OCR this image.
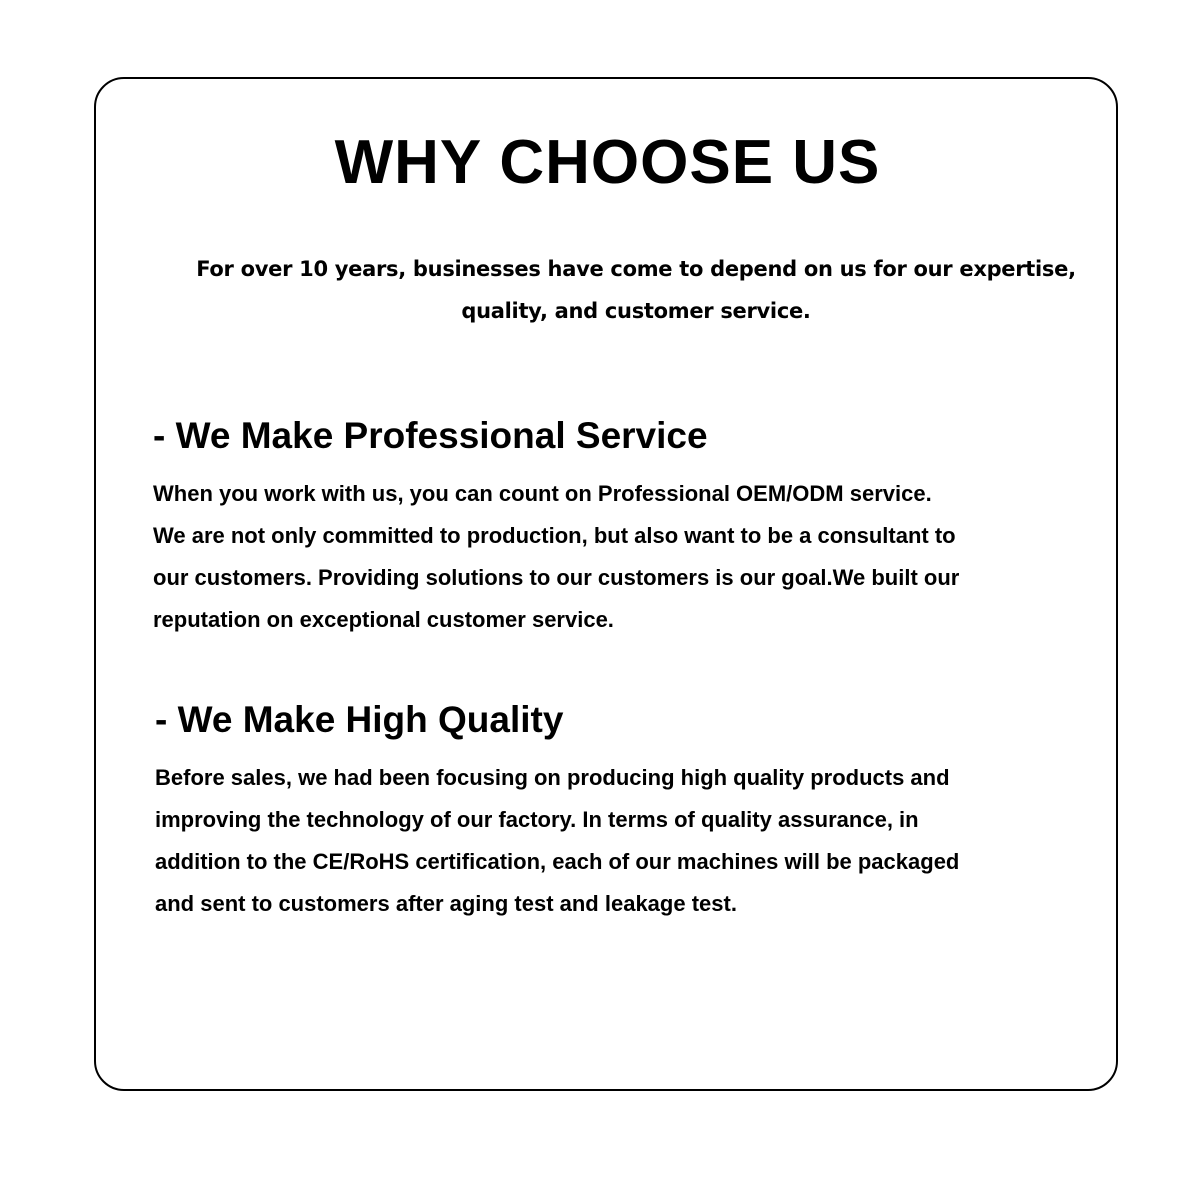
WHY CHOOSE US

For over 10 years, businesses have come to depend on us for our expertise,
quality, and customer service.

- We Make Professional Service

When you work with us, you can count on Professional OEM/ODM service.
We are not only committed to production, but also want to be a consultant to
our customers. Providing solutions to our customers is our goal.We built our
reputation on exceptional customer service.

- We Make High Quality

Before sales, we had been focusing on producing high quality products and
improving the technology of our factory. In terms of quality assurance, in
addition to the CE/RoHS certification, each of our machines will be packaged
and sent to customers after aging test and leakage test.
